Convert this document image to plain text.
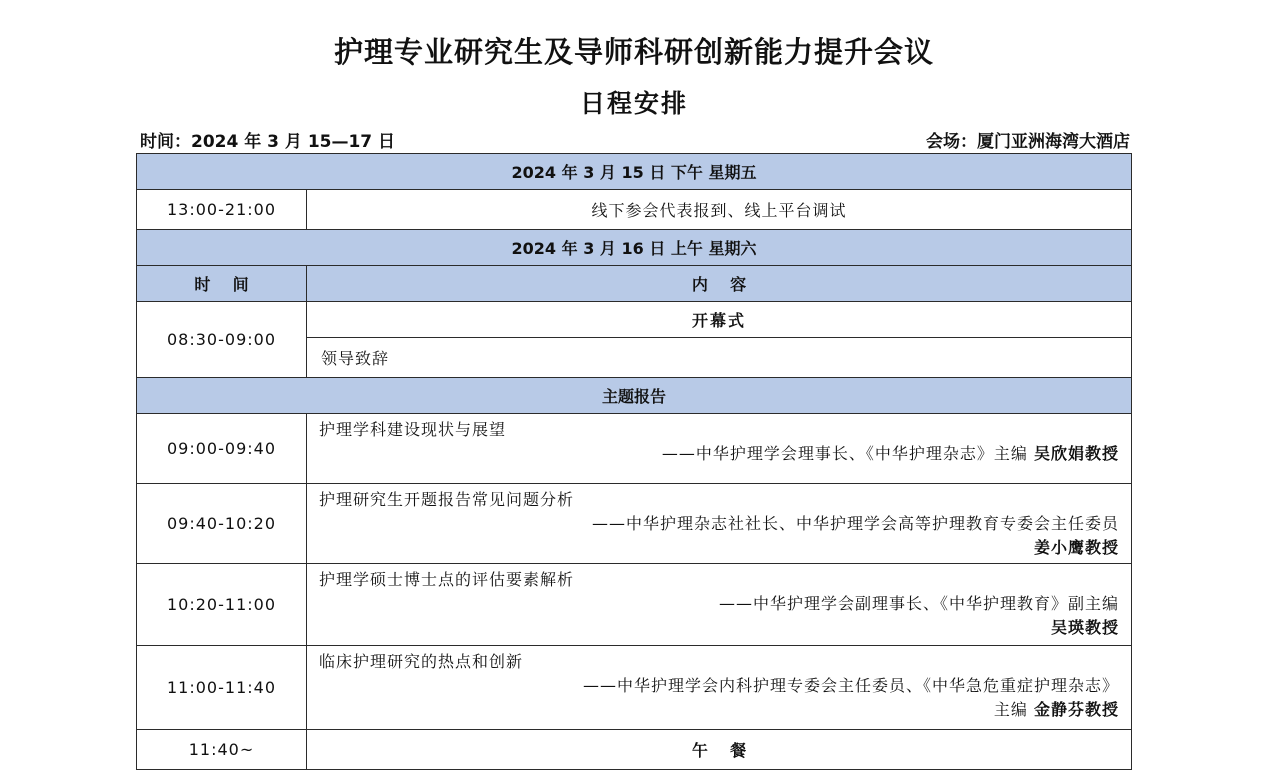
护理专业研究生及导师科研创新能力提升会议
日程安排
时间：2024 年 3 月 15—17 日	会场：厦门亚洲海湾大酒店
2024 年 3 月 15 日 下午 星期五	
13:00-21:00	线下参会代表报到、线上平台调试
2024 年 3 月 16 日 上午 星期六	
时    间	内    容
08:30-09:00	开幕式
	领导致辞
主题报告	
09:00-09:40	护理学科建设现状与展望
——中华护理学会理事长、《中华护理杂志》主编 吴欣娟教授

09:40-10:20	护理研究生开题报告常见问题分析
——中华护理杂志社社长、中华护理学会高等护理教育专委会主任委员
姜小鹰教授

10:20-11:00	护理学硕士博士点的评估要素解析
——中华护理学会副理事长、《中华护理教育》副主编
吴瑛教授

11:00-11:40	临床护理研究的热点和创新
——中华护理学会内科护理专委会主任委员、《中华急危重症护理杂志》
主编 金静芬教授

11:40~	午    餐
